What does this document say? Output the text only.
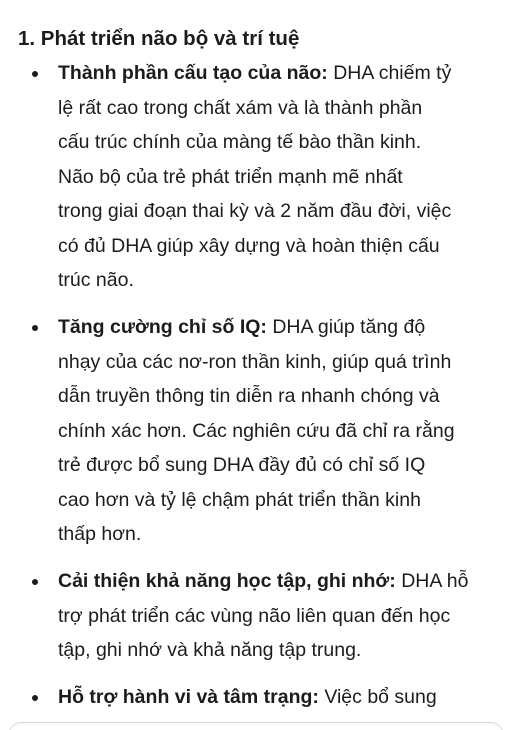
1. Phát triển não bộ và trí tuệ
Thành phần cấu tạo của não: DHA chiếm tỷ
lệ rất cao trong chất xám và là thành phần
cấu trúc chính của màng tế bào thần kinh.
Não bộ của trẻ phát triển mạnh mẽ nhất
trong giai đoạn thai kỳ và 2 năm đầu đời, việc
có đủ DHA giúp xây dựng và hoàn thiện cấu
trúc não.
Tăng cường chỉ số IQ: DHA giúp tăng độ
nhạy của các nơ-ron thần kinh, giúp quá trình
dẫn truyền thông tin diễn ra nhanh chóng và
chính xác hơn. Các nghiên cứu đã chỉ ra rằng
trẻ được bổ sung DHA đầy đủ có chỉ số IQ
cao hơn và tỷ lệ chậm phát triển thần kinh
thấp hơn.
Cải thiện khả năng học tập, ghi nhớ: DHA hỗ
trợ phát triển các vùng não liên quan đến học
tập, ghi nhớ và khả năng tập trung.
Hỗ trợ hành vi và tâm trạng: Việc bổ sung
